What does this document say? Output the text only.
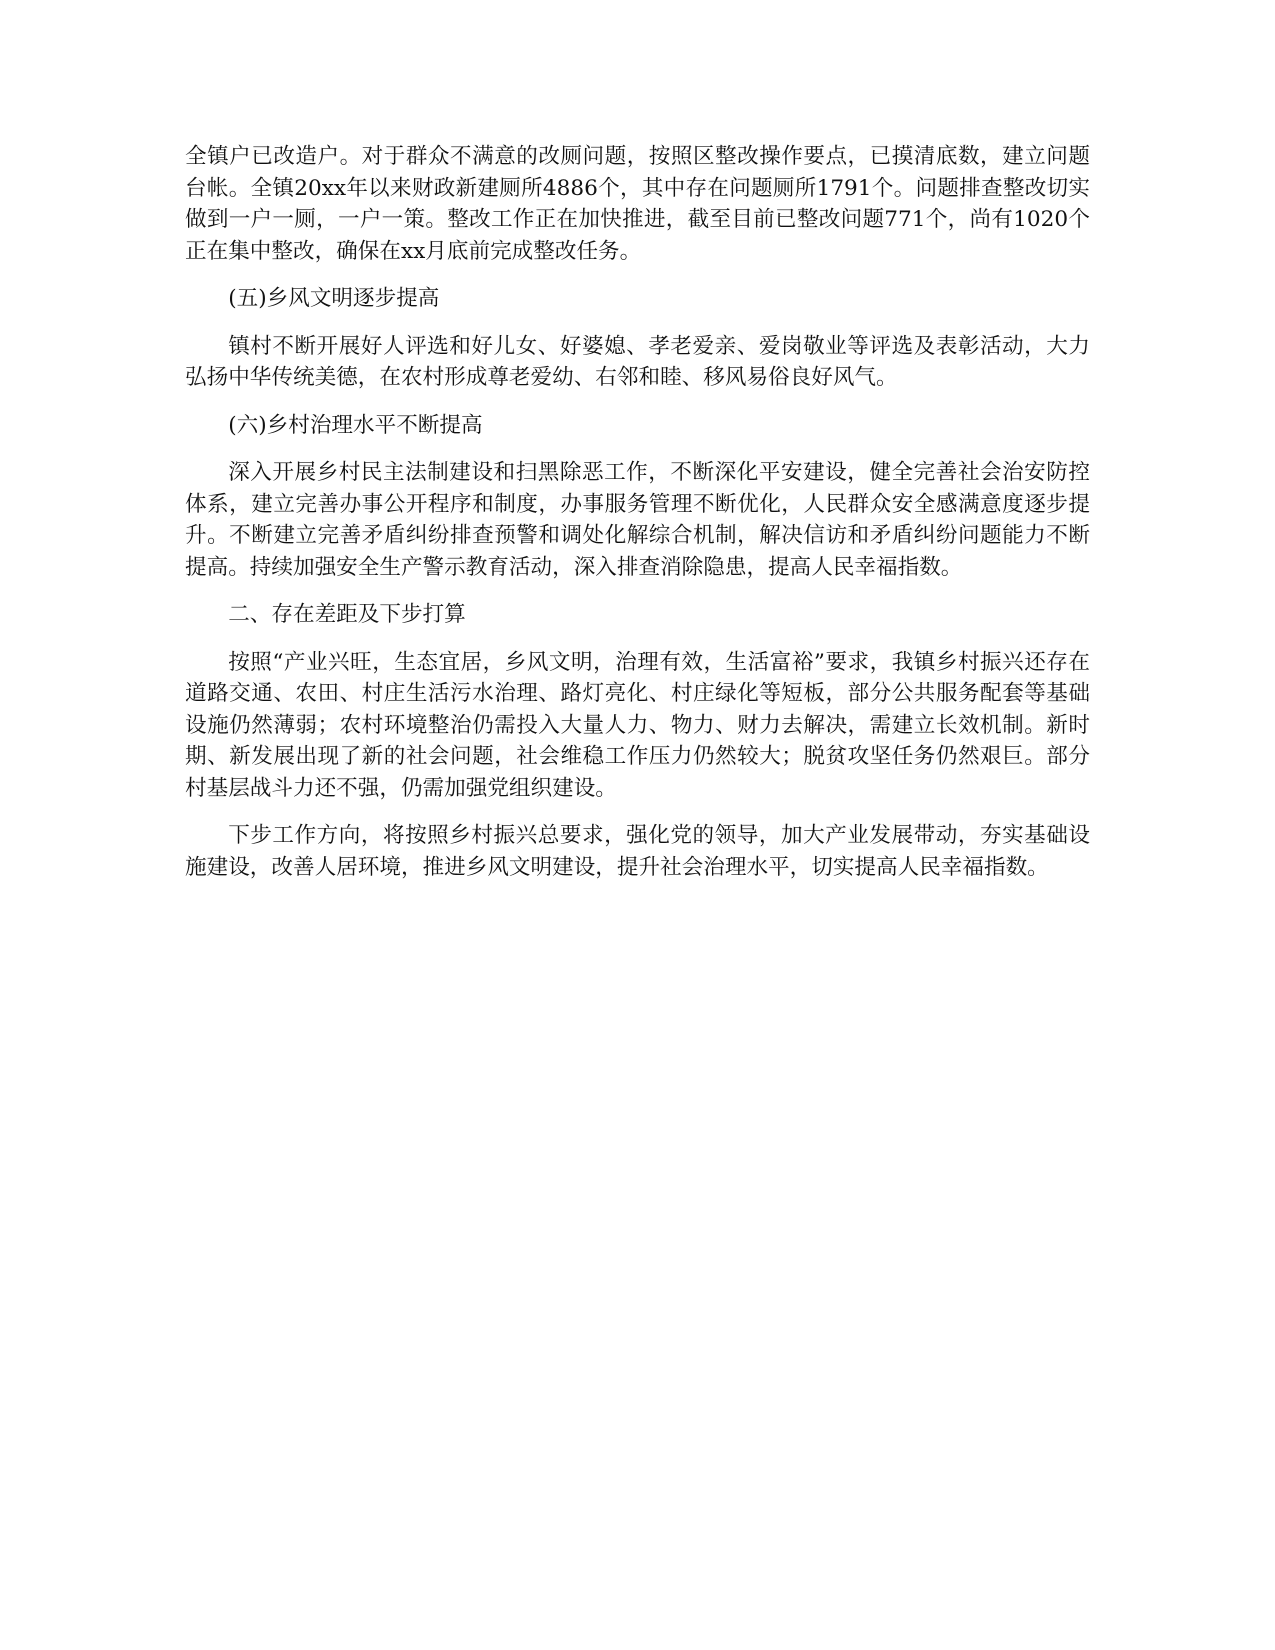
全镇户已改造户。对于群众不满意的改厕问题，按照区整改操作要点，已摸清底数，建立问题台帐。全镇20xx年以来财政新建厕所4886个，其中存在问题厕所1791个。问题排查整改切实做到一户一厕，一户一策。整改工作正在加快推进，截至目前已整改问题771个，尚有1020个正在集中整改，确保在xx月底前完成整改任务。

(五)乡风文明逐步提高

镇村不断开展好人评选和好儿女、好婆媳、孝老爱亲、爱岗敬业等评选及表彰活动，大力弘扬中华传统美德，在农村形成尊老爱幼、右邻和睦、移风易俗良好风气。

(六)乡村治理水平不断提高

深入开展乡村民主法制建设和扫黑除恶工作，不断深化平安建设，健全完善社会治安防控体系，建立完善办事公开程序和制度，办事服务管理不断优化，人民群众安全感满意度逐步提升。不断建立完善矛盾纠纷排查预警和调处化解综合机制，解决信访和矛盾纠纷问题能力不断提高。持续加强安全生产警示教育活动，深入排查消除隐患，提高人民幸福指数。

二、存在差距及下步打算

按照“产业兴旺，生态宜居，乡风文明，治理有效，生活富裕”要求，我镇乡村振兴还存在道路交通、农田、村庄生活污水治理、路灯亮化、村庄绿化等短板，部分公共服务配套等基础设施仍然薄弱；农村环境整治仍需投入大量人力、物力、财力去解决，需建立长效机制。新时期、新发展出现了新的社会问题，社会维稳工作压力仍然较大；脱贫攻坚任务仍然艰巨。部分村基层战斗力还不强，仍需加强党组织建设。

下步工作方向，将按照乡村振兴总要求，强化党的领导，加大产业发展带动，夯实基础设施建设，改善人居环境，推进乡风文明建设，提升社会治理水平，切实提高人民幸福指数。
